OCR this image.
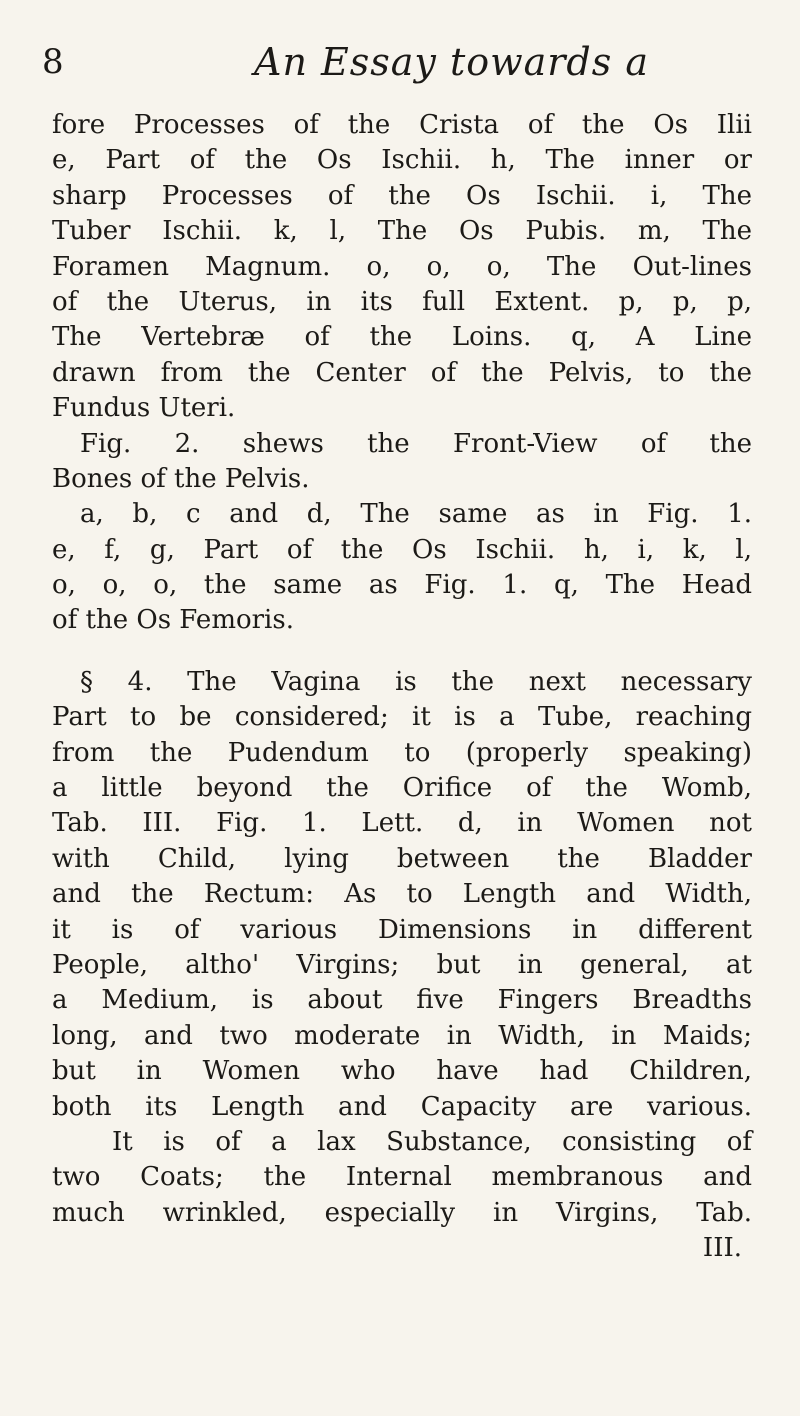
8	An Essay towards a
fore Processes of the Crista of the Os Ilii
e, Part of the Os Ischii. h, The inner or
sharp Processes of the Os Ischii. i, The
Tuber Ischii. k, l, The Os Pubis. m, The
Foramen Magnum. o, o, o, The Out-lines
of the Uterus, in its full Extent. p, p, p,
The Vertebræ of the Loins. q, A Line
drawn from the Center of the Pelvis, to the
Fundus Uteri.
Fig. 2. shews the Front-View of the
Bones of the Pelvis.
a, b, c and d, The same as in Fig. 1.
e, f, g, Part of the Os Ischii. h, i, k, l,
o, o, o, the same as Fig. 1. q, The Head
of the Os Femoris.
§ 4. The Vagina is the next necessary
Part to be considered; it is a Tube, reaching
from the Pudendum to (properly speaking)
a little beyond the Orifice of the Womb,
Tab. III. Fig. 1. Lett. d, in Women not
with Child, lying between the Bladder
and the Rectum: As to Length and Width,
it is of various Dimensions in different
People, altho' Virgins; but in general, at
a Medium, is about five Fingers Breadths
long, and two moderate in Width, in Maids;
but in Women who have had Children,
both its Length and Capacity are various.
It is of a lax Substance, consisting of
two Coats; the Internal membranous and
much wrinkled, especially in Virgins, Tab.
III.
